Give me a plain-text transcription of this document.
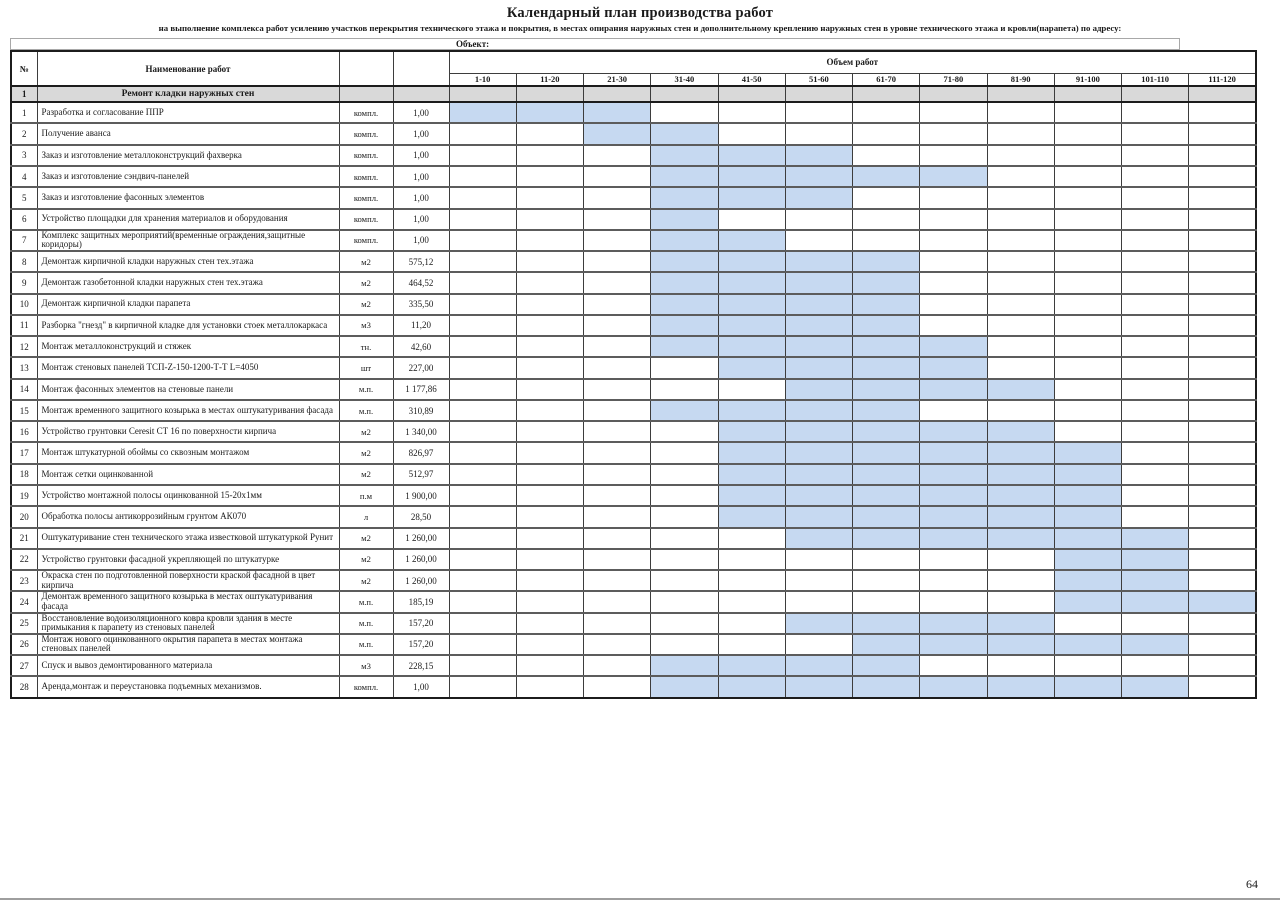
Календарный план производства работ
на выполнение комплекса работ усилению участков перекрытия технического этажа и покрытия, в местах опирания наружных стен и дополнительному креплению наружных стен в уровне технического этажа и кровли(парапета) по адресу:
Объект:
№	Наименование работ			Объем работ											
				1-10	11-20	21-30	31-40	41-50	51-60	61-70	71-80	81-90	91-100	101-110	111-120
1	Ремонт кладки наружных стен														
1	Разработка и согласование ППР	компл.	1,00												
2	Получение аванса	компл.	1,00												
3	Заказ и изготовление металлоконструкций фахверка	компл.	1,00												
4	Заказ и изготовление сэндвич-панелей	компл.	1,00												
5	Заказ и изготовление фасонных элементов	компл.	1,00												
6	Устройство площадки для хранения материалов и оборудования	компл.	1,00												
7	Комплекс защитных мероприятий(временные ограждения,защитные коридоры)	компл.	1,00												
8	Демонтаж кирпичной кладки наружных стен тех.этажа	м2	575,12												
9	Демонтаж газобетонной кладки наружных стен тех.этажа	м2	464,52												
10	Демонтаж кирпичной кладки парапета	м2	335,50												
11	Разборка "гнезд" в кирпичной кладке для установки стоек металлокаркаса	м3	11,20												
12	Монтаж металлоконструкций и стяжек	тн.	42,60												
13	Монтаж стеновых панелей ТСП-Z-150-1200-Т-Т L=4050	шт	227,00												
14	Монтаж фасонных элементов на стеновые панели	м.п.	1 177,86												
15	Монтаж временного защитного козырька в местах оштукатуривания фасада	м.п.	310,89												
16	Устройство грунтовки Ceresit СТ 16 по поверхности кирпича	м2	1 340,00												
17	Монтаж штукатурной обоймы со сквозным монтажом	м2	826,97												
18	Монтаж сетки оцинкованной	м2	512,97												
19	Устройство монтажной полосы оцинкованной 15-20х1мм	п.м	1 900,00												
20	Обработка полосы антикоррозийным грунтом АК070	л	28,50												
21	Оштукатуривание стен технического этажа известковой штукатуркой Рунит	м2	1 260,00												
22	Устройство грунтовки фасадной укрепляющей по штукатурке	м2	1 260,00												
23	Окраска стен по подготовленной поверхности краской фасадной в цвет кирпича	м2	1 260,00												
24	Демонтаж временного защитного козырька в местах оштукатуривания фасада	м.п.	185,19												
25	Восстановление водоизоляционного ковра кровли здания в месте примыкания к парапету из стеновых панелей	м.п.	157,20												
26	Монтаж нового оцинкованного окрытия парапета в местах монтажа стеновых панелей	м.п.	157,20												
27	Спуск и вывоз демонтированного материала	м3	228,15												
28	Аренда,монтаж и переустановка подъемных механизмов.	компл.	1,00												
64
